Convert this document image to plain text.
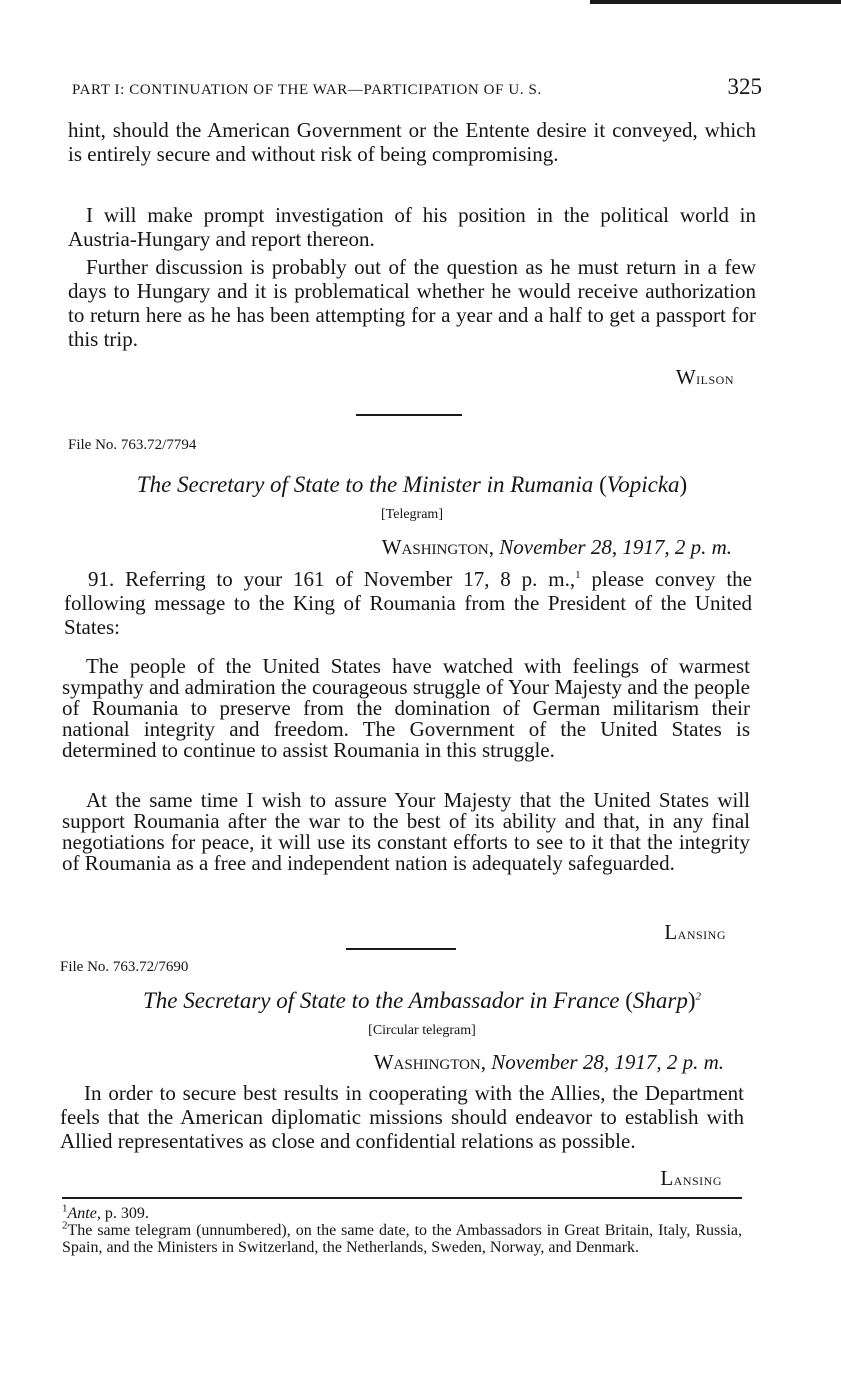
PART I: CONTINUATION OF THE WAR—PARTICIPATION OF U. S.	325

hint, should the American Government or the Entente desire it conveyed, which is entirely secure and without risk of being compromising.

I will make prompt investigation of his position in the political world in Austria-Hungary and report thereon.

Further discussion is probably out of the question as he must return in a few days to Hungary and it is problematical whether he would receive authorization to return here as he has been attempting for a year and a half to get a passport for this trip.

Wilson
File No. 763.72/7794
The Secretary of State to the Minister in Rumania (Vopicka)
[Telegram]
Washington, November 28, 1917, 2 p. m.

91. Referring to your 161 of November 17, 8 p. m.,$^1$ please convey the following message to the King of Roumania from the President of the United States:

The people of the United States have watched with feelings of warmest sympathy and admiration the courageous struggle of Your Majesty and the people of Roumania to preserve from the domination of German militarism their national integrity and freedom. The Government of the United States is determined to continue to assist Roumania in this struggle.

At the same time I wish to assure Your Majesty that the United States will support Roumania after the war to the best of its ability and that, in any final negotiations for peace, it will use its constant efforts to see to it that the integrity of Roumania as a free and independent nation is adequately safeguarded.

Lansing
File No. 763.72/7690
The Secretary of State to the Ambassador in France (Sharp)$^2$
[Circular telegram]
Washington, November 28, 1917, 2 p. m.

In order to secure best results in cooperating with the Allies, the Department feels that the American diplomatic missions should endeavor to establish with Allied representatives as close and confidential relations as possible.

Lansing
$^1$Ante, p. 309.
$^2$The same telegram (unnumbered), on the same date, to the Ambassadors in Great Britain, Italy, Russia, Spain, and the Ministers in Switzerland, the Netherlands, Sweden, Norway, and Denmark.
